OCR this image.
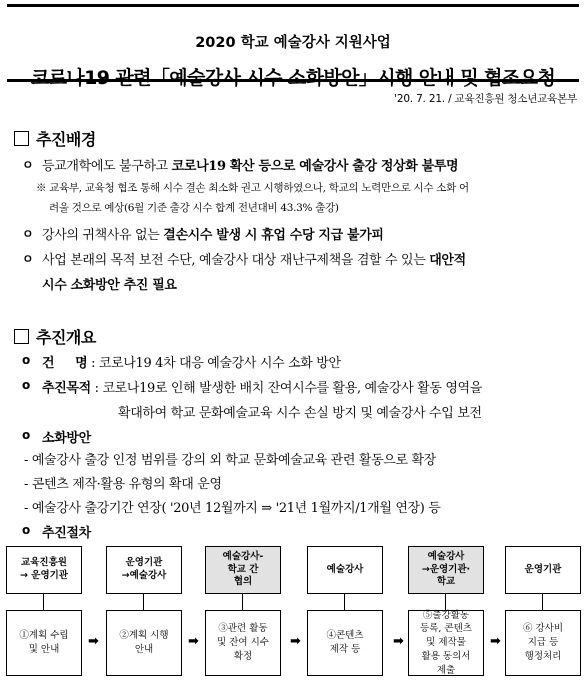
2020 학교 예술강사 지원사업
코로나19 관련「예술강사 시수 소화방안」시행 안내 및 협조요청
'20. 7. 21. / 교육진흥원 청소년교육본부
추진배경
ㅇ 등교개학에도 불구하고 코로나19 확산 등으로 예술강사 출강 정상화 불투명
※ 교육부, 교육청 협조 통해 시수 결손 최소화 권고 시행하였으나, 학교의 노력만으로 시수 소화 어
려울 것으로 예상(6월 기준 출강 시수 합계 전년대비 43.3% 출강)
ㅇ 강사의 귀책사유 없는 결손시수 발생 시 휴업 수당 지급 불가피
ㅇ 사업 본래의 목적 보전 수단, 예술강사 대상 재난구제책을 겸할 수 있는 대안적
시수 소화방안 추진 필요
추진개요
o 건     명 : 코로나19 4차 대응 예술강사 시수 소화 방안
o 추진목적 : 코로나19로 인해 발생한 배치 잔여시수를 활용, 예술강사 활동 영역을
확대하여 학교 문화예술교육 시수 손실 방지 및 예술강사 수입 보전
o 소화방안
- 예술강사 출강 인정 범위를 강의 외 학교 문화예술교육 관련 활동으로 확장
- 콘텐츠 제작·활용 유형의 확대 운영
- 예술강사 출강기간 연장( '20년 12월까지 ⇒ '21년 1월까지/1개월 연장) 등
o 추진절차
교육진흥원
→ 운영기관
①계획 수립
및 안내
➡
운영기관
→예술강사
②계획 시행
안내
➡
예술강사-
학교 간
협의
③관련 활동
및 잔여 시수
확정
➡
예술강사
④콘텐츠
제작 등
➡
예술강사
→운영기관·
학교
⑤출강활동
등록, 콘텐츠
및 제작물
활용 동의서
제출
➡
운영기관
⑥ 강사비
지급 등
행정처리
